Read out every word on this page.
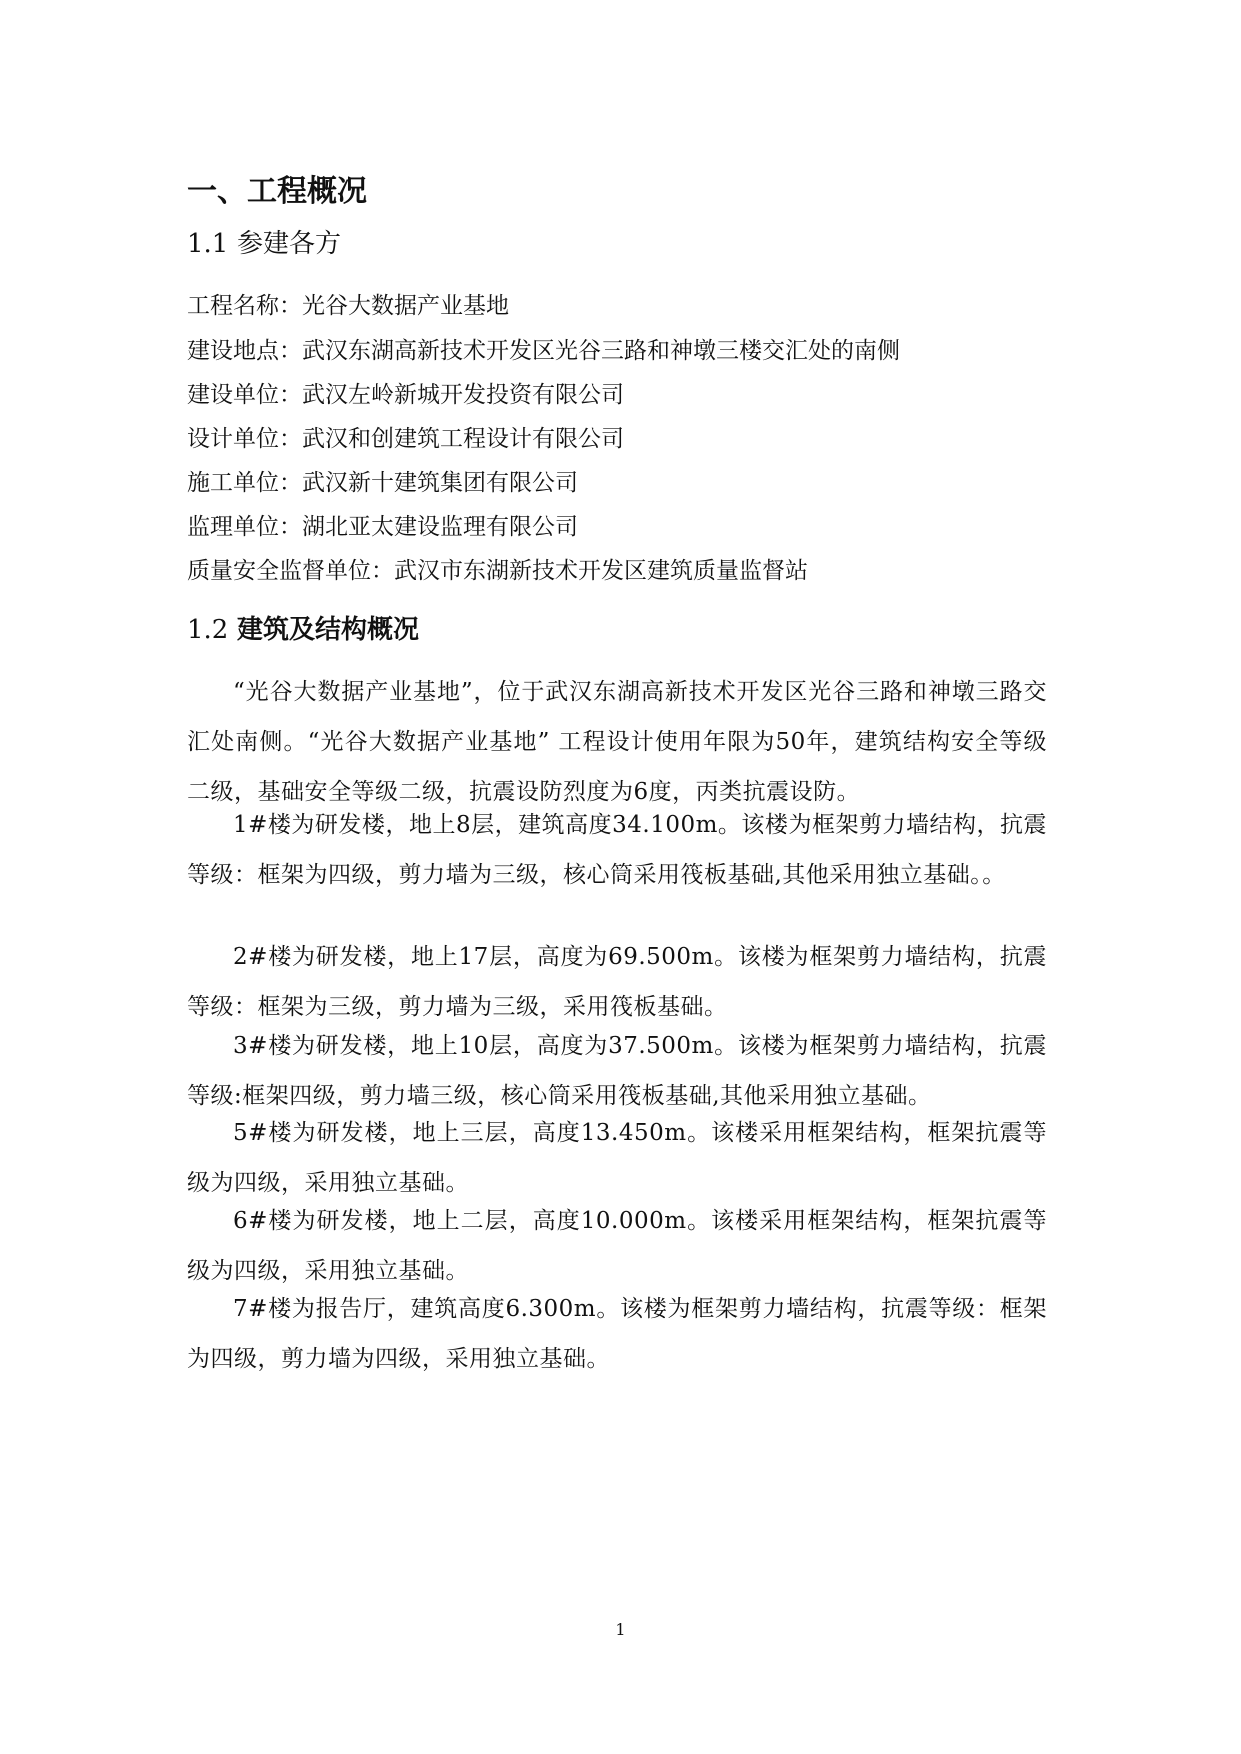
一、工程概况
1.1 参建各方
工程名称：光谷大数据产业基地
建设地点：武汉东湖高新技术开发区光谷三路和神墩三楼交汇处的南侧
建设单位：武汉左岭新城开发投资有限公司
设计单位：武汉和创建筑工程设计有限公司
施工单位：武汉新十建筑集团有限公司
监理单位：湖北亚太建设监理有限公司
质量安全监督单位：武汉市东湖新技术开发区建筑质量监督站
1.2 建筑及结构概况
“光谷大数据产业基地”，位于武汉东湖高新技术开发区光谷三路和神墩三路交汇处南侧。“光谷大数据产业基地” 工程设计使用年限为50年，建筑结构安全等级二级，基础安全等级二级，抗震设防烈度为6度，丙类抗震设防。
1#楼为研发楼，地上8层，建筑高度34.100m。该楼为框架剪力墙结构，抗震等级：框架为四级，剪力墙为三级，核心筒采用筏板基础,其他采用独立基础。。
2#楼为研发楼，地上17层，高度为69.500m。该楼为框架剪力墙结构，抗震等级：框架为三级，剪力墙为三级，采用筏板基础。
3#楼为研发楼，地上10层，高度为37.500m。该楼为框架剪力墙结构，抗震等级:框架四级，剪力墙三级，核心筒采用筏板基础,其他采用独立基础。
5#楼为研发楼，地上三层，高度13.450m。该楼采用框架结构，框架抗震等级为四级，采用独立基础。
6#楼为研发楼，地上二层，高度10.000m。该楼采用框架结构，框架抗震等级为四级，采用独立基础。
7#楼为报告厅，建筑高度6.300m。该楼为框架剪力墙结构，抗震等级：框架为四级，剪力墙为四级，采用独立基础。
1
